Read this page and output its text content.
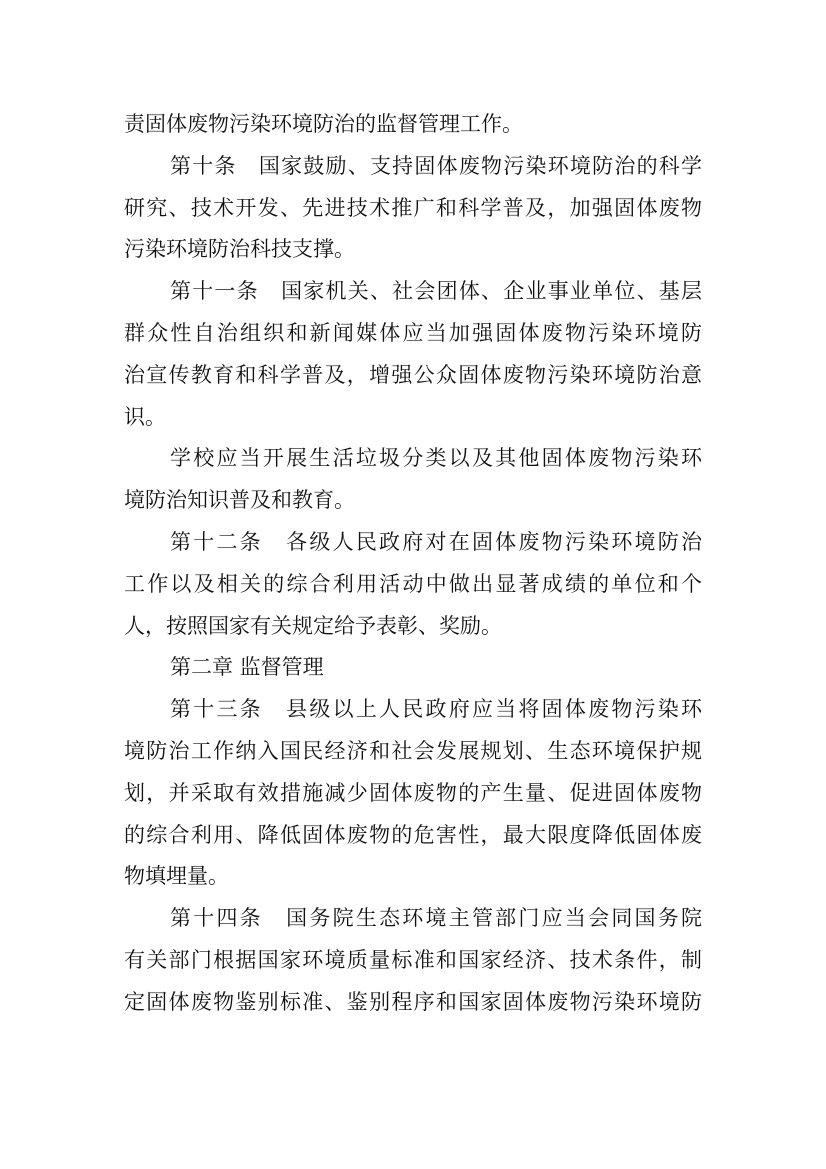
责固体废物污染环境防治的监督管理工作。
第十条　国家鼓励、支持固体废物污染环境防治的科学
研究、技术开发、先进技术推广和科学普及，加强固体废物
污染环境防治科技支撑。
第十一条　国家机关、社会团体、企业事业单位、基层
群众性自治组织和新闻媒体应当加强固体废物污染环境防
治宣传教育和科学普及，增强公众固体废物污染环境防治意
识。
学校应当开展生活垃圾分类以及其他固体废物污染环
境防治知识普及和教育。
第十二条　各级人民政府对在固体废物污染环境防治
工作以及相关的综合利用活动中做出显著成绩的单位和个
人，按照国家有关规定给予表彰、奖励。
第二章 监督管理
第十三条　县级以上人民政府应当将固体废物污染环
境防治工作纳入国民经济和社会发展规划、生态环境保护规
划，并采取有效措施减少固体废物的产生量、促进固体废物
的综合利用、降低固体废物的危害性，最大限度降低固体废
物填埋量。
第十四条　国务院生态环境主管部门应当会同国务院
有关部门根据国家环境质量标准和国家经济、技术条件，制
定固体废物鉴别标准、鉴别程序和国家固体废物污染环境防
